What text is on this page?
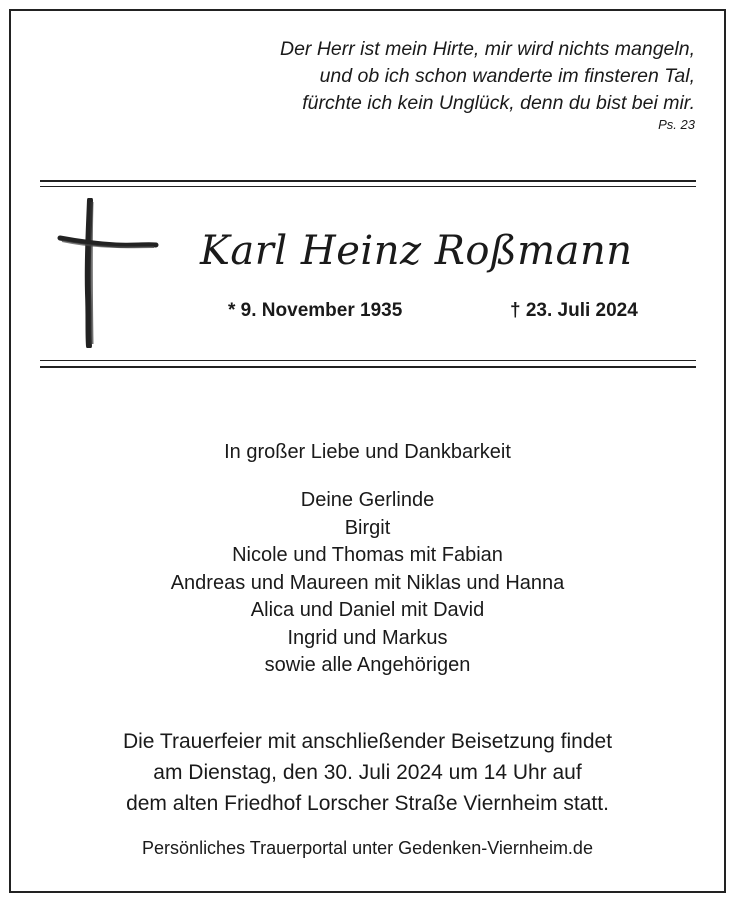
Der Herr ist mein Hirte, mir wird nichts mangeln,
und ob ich schon wanderte im finsteren Tal,
fürchte ich kein Unglück, denn du bist bei mir.
Ps. 23
Karl Heinz Roßmann
* 9. November 1935	† 23. Juli 2024
In großer Liebe und Dankbarkeit
Deine Gerlinde
Birgit
Nicole und Thomas mit Fabian
Andreas und Maureen mit Niklas und Hanna
Alica und Daniel mit David
Ingrid und Markus
sowie alle Angehörigen
Die Trauerfeier mit anschließender Beisetzung findet
am Dienstag, den 30. Juli 2024 um 14 Uhr auf
dem alten Friedhof Lorscher Straße Viernheim statt.
Persönliches Trauerportal unter Gedenken-Viernheim.de
